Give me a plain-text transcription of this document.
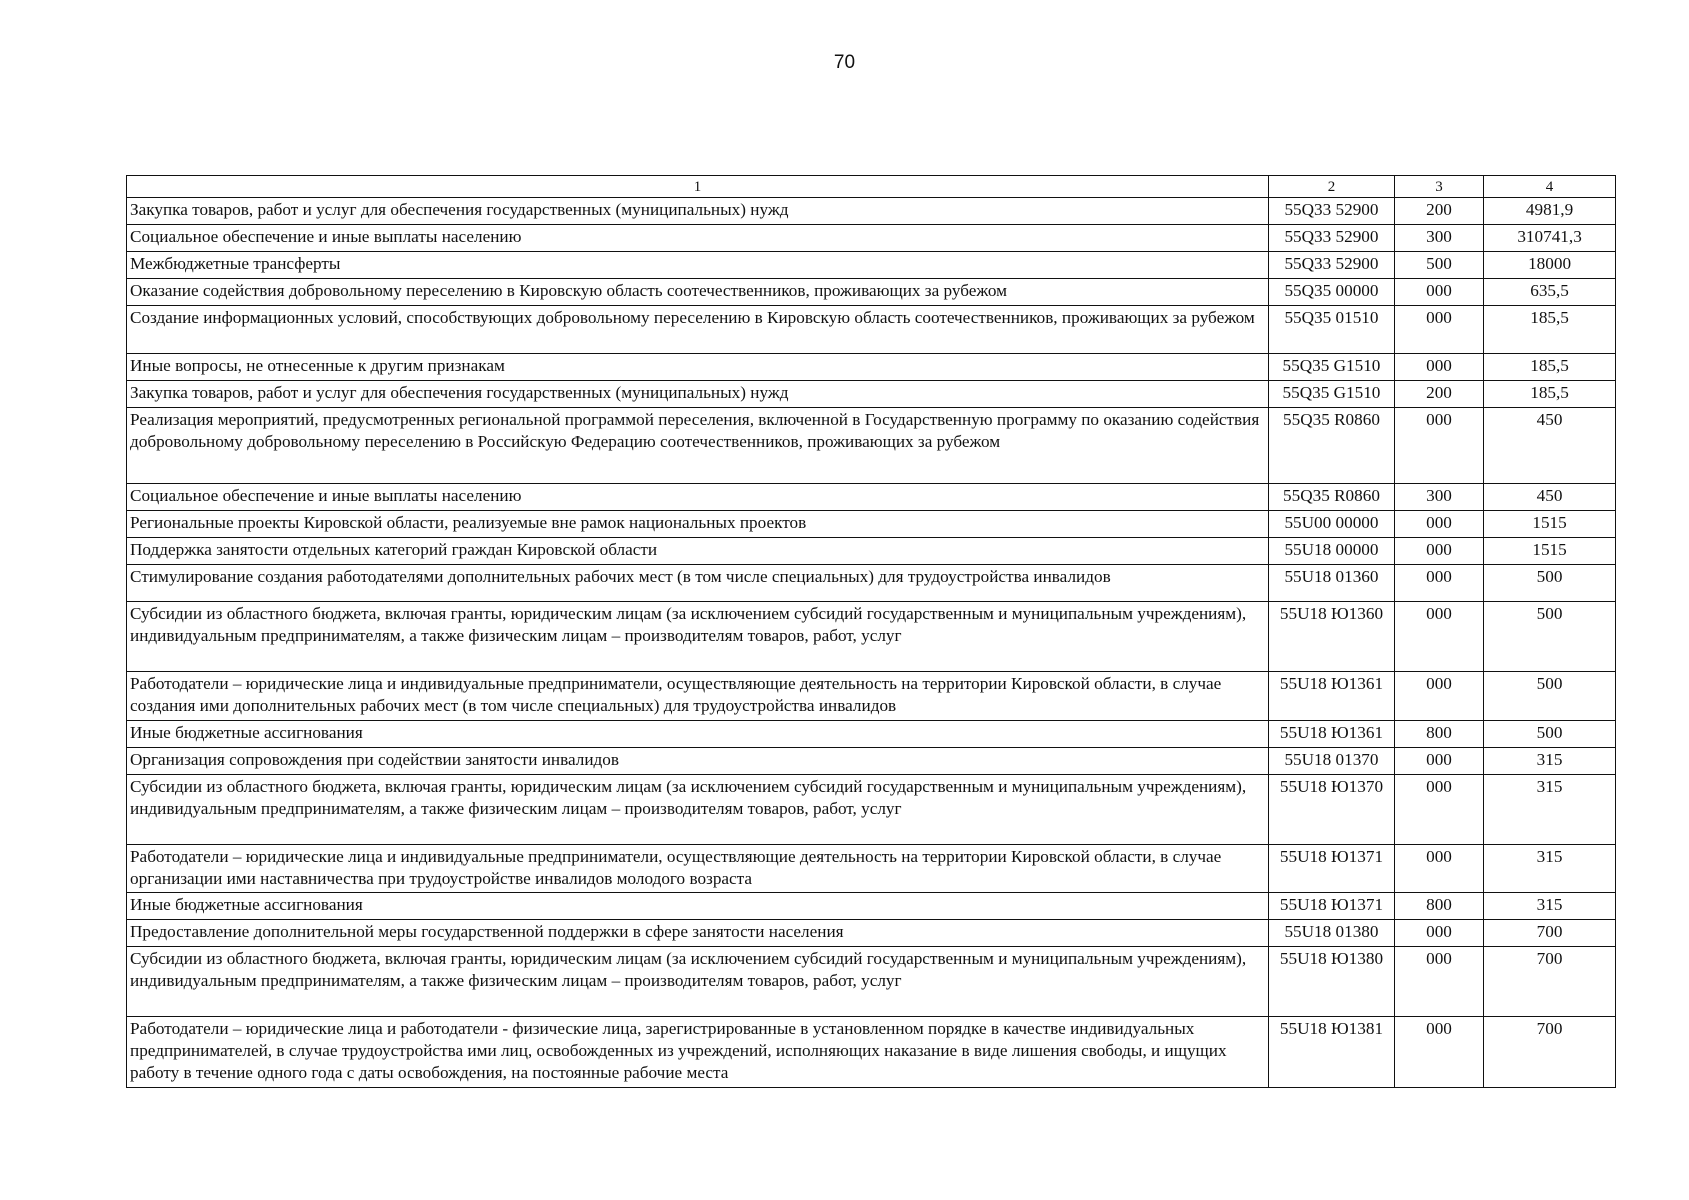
70
1	2	3	4
Закупка товаров, работ и услуг для обеспечения государственных (муниципальных) нужд	55Q33 52900	200	4981,9
Социальное обеспечение и иные выплаты населению	55Q33 52900	300	310741,3
Межбюджетные трансферты	55Q33 52900	500	18000
Оказание содействия добровольному переселению в Кировскую область соотечественников, проживающих за рубежом	55Q35 00000	000	635,5
Создание информационных условий, способствующих добровольному переселению в Кировскую область соотечественников, проживающих за рубежом	55Q35 01510	000	185,5
Иные вопросы, не отнесенные к другим признакам	55Q35 G1510	000	185,5
Закупка товаров, работ и услуг для обеспечения государственных (муниципальных) нужд	55Q35 G1510	200	185,5
Реализация мероприятий, предусмотренных региональной программой переселения, включенной в Государственную программу по оказанию содействия добровольному добровольному переселению в Российскую Федерацию соотечественников, проживающих за рубежом	55Q35 R0860	000	450
Социальное обеспечение и иные выплаты населению	55Q35 R0860	300	450
Региональные проекты Кировской области, реализуемые вне рамок национальных проектов	55U00 00000	000	1515
Поддержка занятости отдельных категорий граждан Кировской области	55U18 00000	000	1515
Стимулирование создания работодателями дополнительных рабочих мест (в том числе специальных) для трудоустройства инвалидов	55U18 01360	000	500
Субсидии из областного бюджета, включая гранты, юридическим лицам (за исключением субсидий государственным и муниципальным учреждениям), индивидуальным предпринимателям, а также физическим лицам – производителям товаров, работ, услуг	55U18 Ю1360	000	500
Работодатели – юридические лица и индивидуальные предприниматели, осуществляющие деятельность на территории Кировской области, в случае создания ими дополнительных рабочих мест (в том числе специальных) для трудоустройства инвалидов	55U18 Ю1361	000	500
Иные бюджетные ассигнования	55U18 Ю1361	800	500
Организация сопровождения при содействии занятости инвалидов	55U18 01370	000	315
Субсидии из областного бюджета, включая гранты, юридическим лицам (за исключением субсидий государственным и муниципальным учреждениям), индивидуальным предпринимателям, а также физическим лицам – производителям товаров, работ, услуг	55U18 Ю1370	000	315
Работодатели – юридические лица и индивидуальные предприниматели, осуществляющие деятельность на территории Кировской области, в случае организации ими наставничества при трудоустройстве инвалидов молодого возраста	55U18 Ю1371	000	315
Иные бюджетные ассигнования	55U18 Ю1371	800	315
Предоставление дополнительной меры государственной поддержки в сфере занятости населения	55U18 01380	000	700
Субсидии из областного бюджета, включая гранты, юридическим лицам (за исключением субсидий государственным и муниципальным учреждениям), индивидуальным предпринимателям, а также физическим лицам – производителям товаров, работ, услуг	55U18 Ю1380	000	700
Работодатели – юридические лица и работодатели - физические лица, зарегистрированные в установленном порядке в качестве индивидуальных предпринимателей, в случае трудоустройства ими лиц, освобожденных из учреждений, исполняющих наказание в виде лишения свободы, и ищущих работу в течение одного года с даты освобождения, на постоянные рабочие места	55U18 Ю1381	000	700
